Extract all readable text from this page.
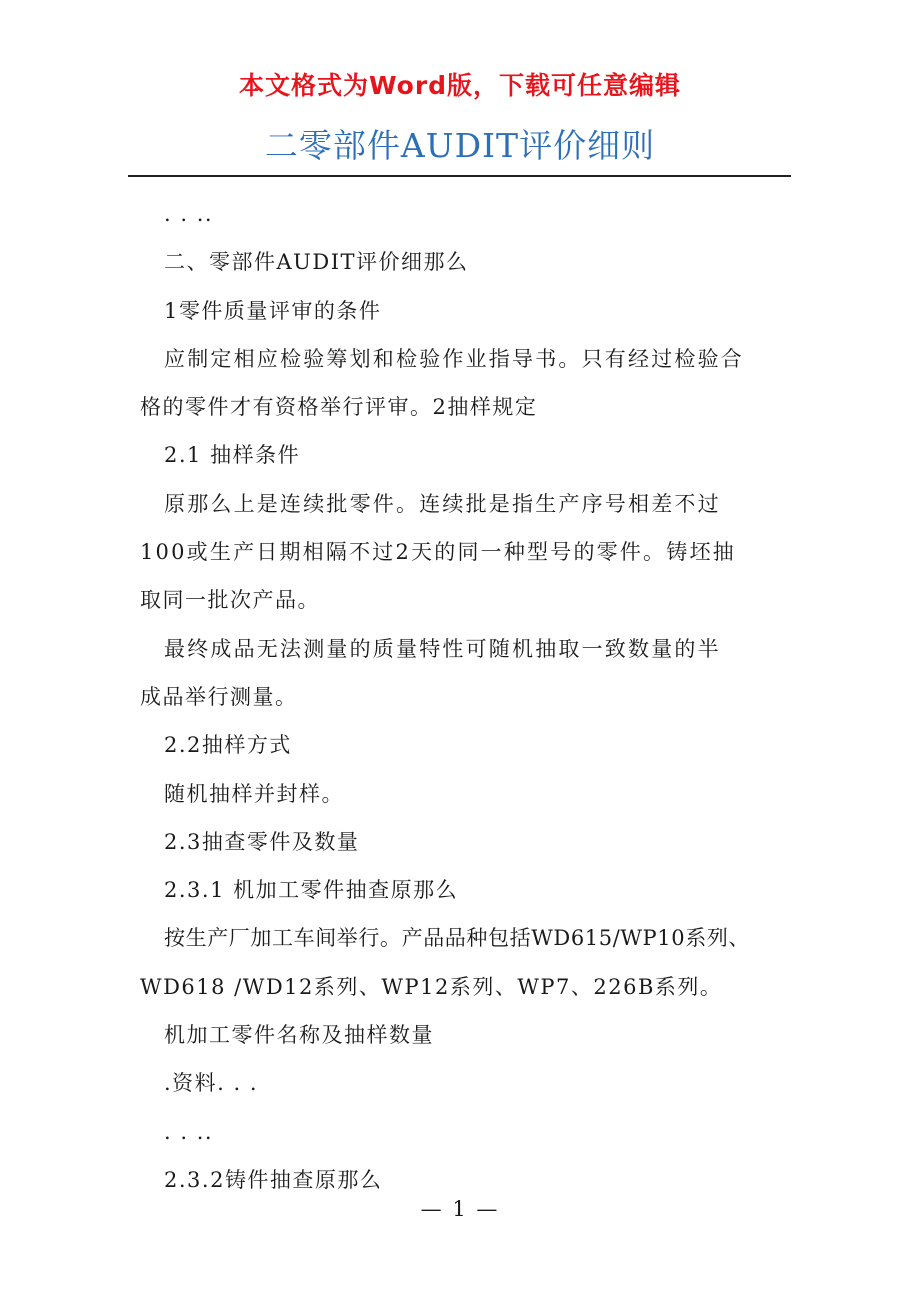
本文格式为Word版，下载可任意编辑
二零部件AUDIT评价细则
. . ..
二、零部件AUDIT评价细那么
1零件质量评审的条件
应制定相应检验筹划和检验作业指导书。只有经过检验合
格的零件才有资格举行评审。2抽样规定
2.1 抽样条件
原那么上是连续批零件。连续批是指生产序号相差不过
100或生产日期相隔不过2天的同一种型号的零件。铸坯抽
取同一批次产品。
最终成品无法测量的质量特性可随机抽取一致数量的半
成品举行测量。
2.2抽样方式
随机抽样并封样。
2.3抽查零件及数量
2.3.1 机加工零件抽查原那么
按生产厂加工车间举行。产品品种包括WD615/WP10系列、
WD618 /WD12系列、WP12系列、WP7、226B系列。
机加工零件名称及抽样数量
.资料. . .
. . ..
2.3.2铸件抽查原那么
— 1 —
